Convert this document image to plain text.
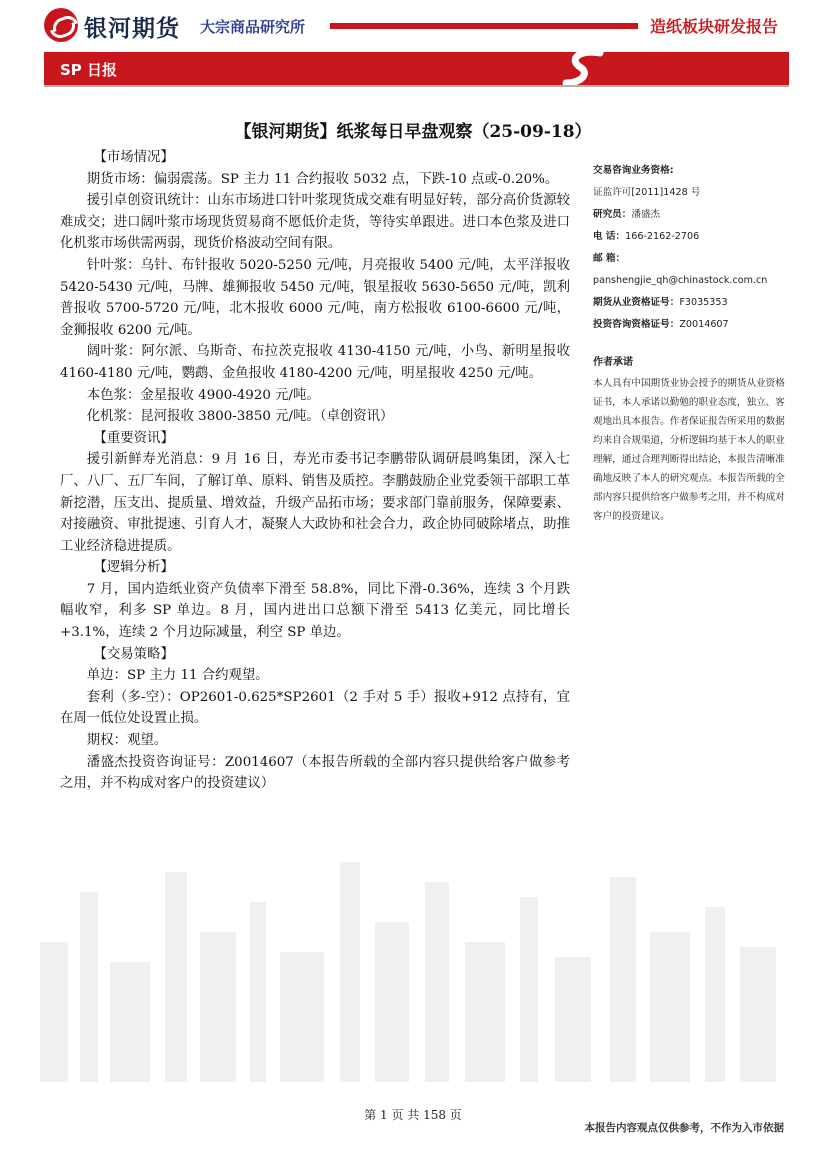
银河期货 大宗商品研究所	造纸板块研发报告
SP 日报
【银河期货】纸浆每日早盘观察（25-09-18）

【市场情况】

期货市场：偏弱震荡。SP 主力 11 合约报收 5032 点，下跌-10 点或-0.20%。

援引卓创资讯统计：山东市场进口针叶浆现货成交难有明显好转，部分高价货源较难成交；进口阔叶浆市场现货贸易商不愿低价走货，等待实单跟进。进口本色浆及进口化机浆市场供需两弱，现货价格波动空间有限。

针叶浆：乌针、布针报收 5020-5250 元/吨，月亮报收 5400 元/吨，太平洋报收 5420-5430 元/吨，马牌、雄狮报收 5450 元/吨，银星报收 5630-5650 元/吨，凯利普报收 5700-5720 元/吨，北木报收 6000 元/吨，南方松报收 6100-6600 元/吨，金狮报收 6200 元/吨。

阔叶浆：阿尔派、乌斯奇、布拉茨克报收 4130-4150 元/吨，小鸟、新明星报收 4160-4180 元/吨，鹦鹉、金鱼报收 4180-4200 元/吨，明星报收 4250 元/吨。

本色浆：金星报收 4900-4920 元/吨。

化机浆：昆河报收 3800-3850 元/吨。（卓创资讯）

【重要资讯】

援引新鲜寿光消息：9 月 16 日，寿光市委书记李鹏带队调研晨鸣集团，深入七厂、八厂、五厂车间，了解订单、原料、销售及质控。李鹏鼓励企业党委领干部职工革新挖潜，压支出、提质量、增效益，升级产品拓市场；要求部门靠前服务，保障要素、对接融资、审批提速、引育人才，凝聚人大政协和社会合力，政企协同破除堵点，助推工业经济稳进提质。

【逻辑分析】

7 月，国内造纸业资产负债率下滑至 58.8%，同比下滑-0.36%，连续 3 个月跌幅收窄，利多 SP 单边。8 月，国内进出口总额下滑至 5413 亿美元，同比增长+3.1%，连续 2 个月边际减量，利空 SP 单边。

【交易策略】

单边：SP 主力 11 合约观望。

套利（多-空）：OP2601-0.625*SP2601（2 手对 5 手）报收+912 点持有，宜在周一低位处设置止损。

期权：观望。

潘盛杰投资咨询证号：Z0014607（本报告所载的全部内容只提供给客户做参考之用，并不构成对客户的投资建议）

交易咨询业务资格:
证监许可[2011]1428 号
研究员：潘盛杰
电 话：166-2162-2706
邮 箱：
panshengjie_qh@chinastock.com.cn
期货从业资格证号：F3035353
投资咨询资格证号：Z0014607
作者承诺
本人具有中国期货业协会授予的期货从业资格证书，本人承诺以勤勉的职业态度，独立、客观地出具本报告。作者保证报告所采用的数据均来自合规渠道，分析逻辑均基于本人的职业理解，通过合理判断得出结论，本报告清晰准确地反映了本人的研究观点。本报告所载的全部内容只提供给客户做参考之用，并不构成对客户的投资建议。
第 1 页 共 158 页
本报告内容观点仅供参考，不作为入市依据
